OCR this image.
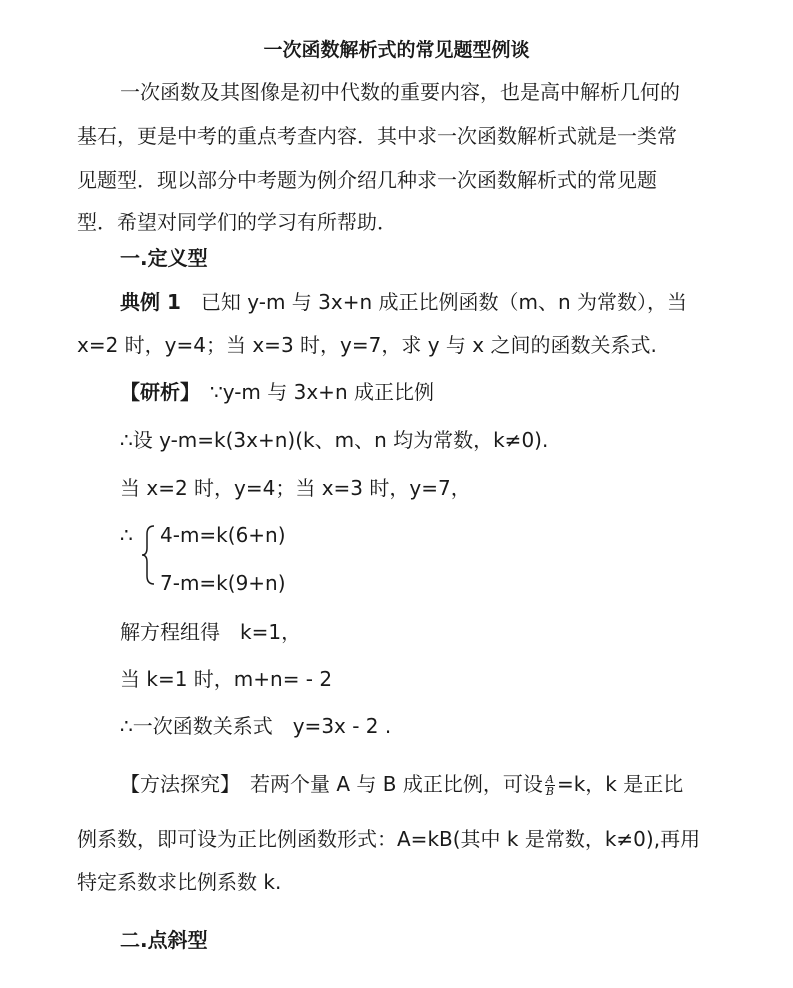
一次函数解析式的常见题型例谈
一次函数及其图像是初中代数的重要内容，也是高中解析几何的
基石，更是中考的重点考查内容．其中求一次函数解析式就是一类常
见题型．现以部分中考题为例介绍几种求一次函数解析式的常见题
型．希望对同学们的学习有所帮助．
一.定义型
典例 1　已知 y-m 与 3x+n 成正比例函数（m、n 为常数），当
x=2 时，y=4；当 x=3 时，y=7，求 y 与 x 之间的函数关系式.
【研析】　∵y-m 与 3x+n 成正比例
∴设 y-m=k(3x+n)(k、m、n 均为常数，k≠0).
当 x=2 时，y=4；当 x=3 时，y=7，
∴ 4-m=k(6+n)
7-m=k(9+n)
解方程组得　k=1，
当 k=1 时，m+n= - 2
∴一次函数关系式　y=3x - 2 .
【方法探究】　若两个量 A 与 B 成正比例，可设 $\frac{A}{B} =k$，k 是正比
例系数，即可设为正比例函数形式：A=kB(其中 k 是常数，k≠0),再用
特定系数求比例系数 k.
二.点斜型
